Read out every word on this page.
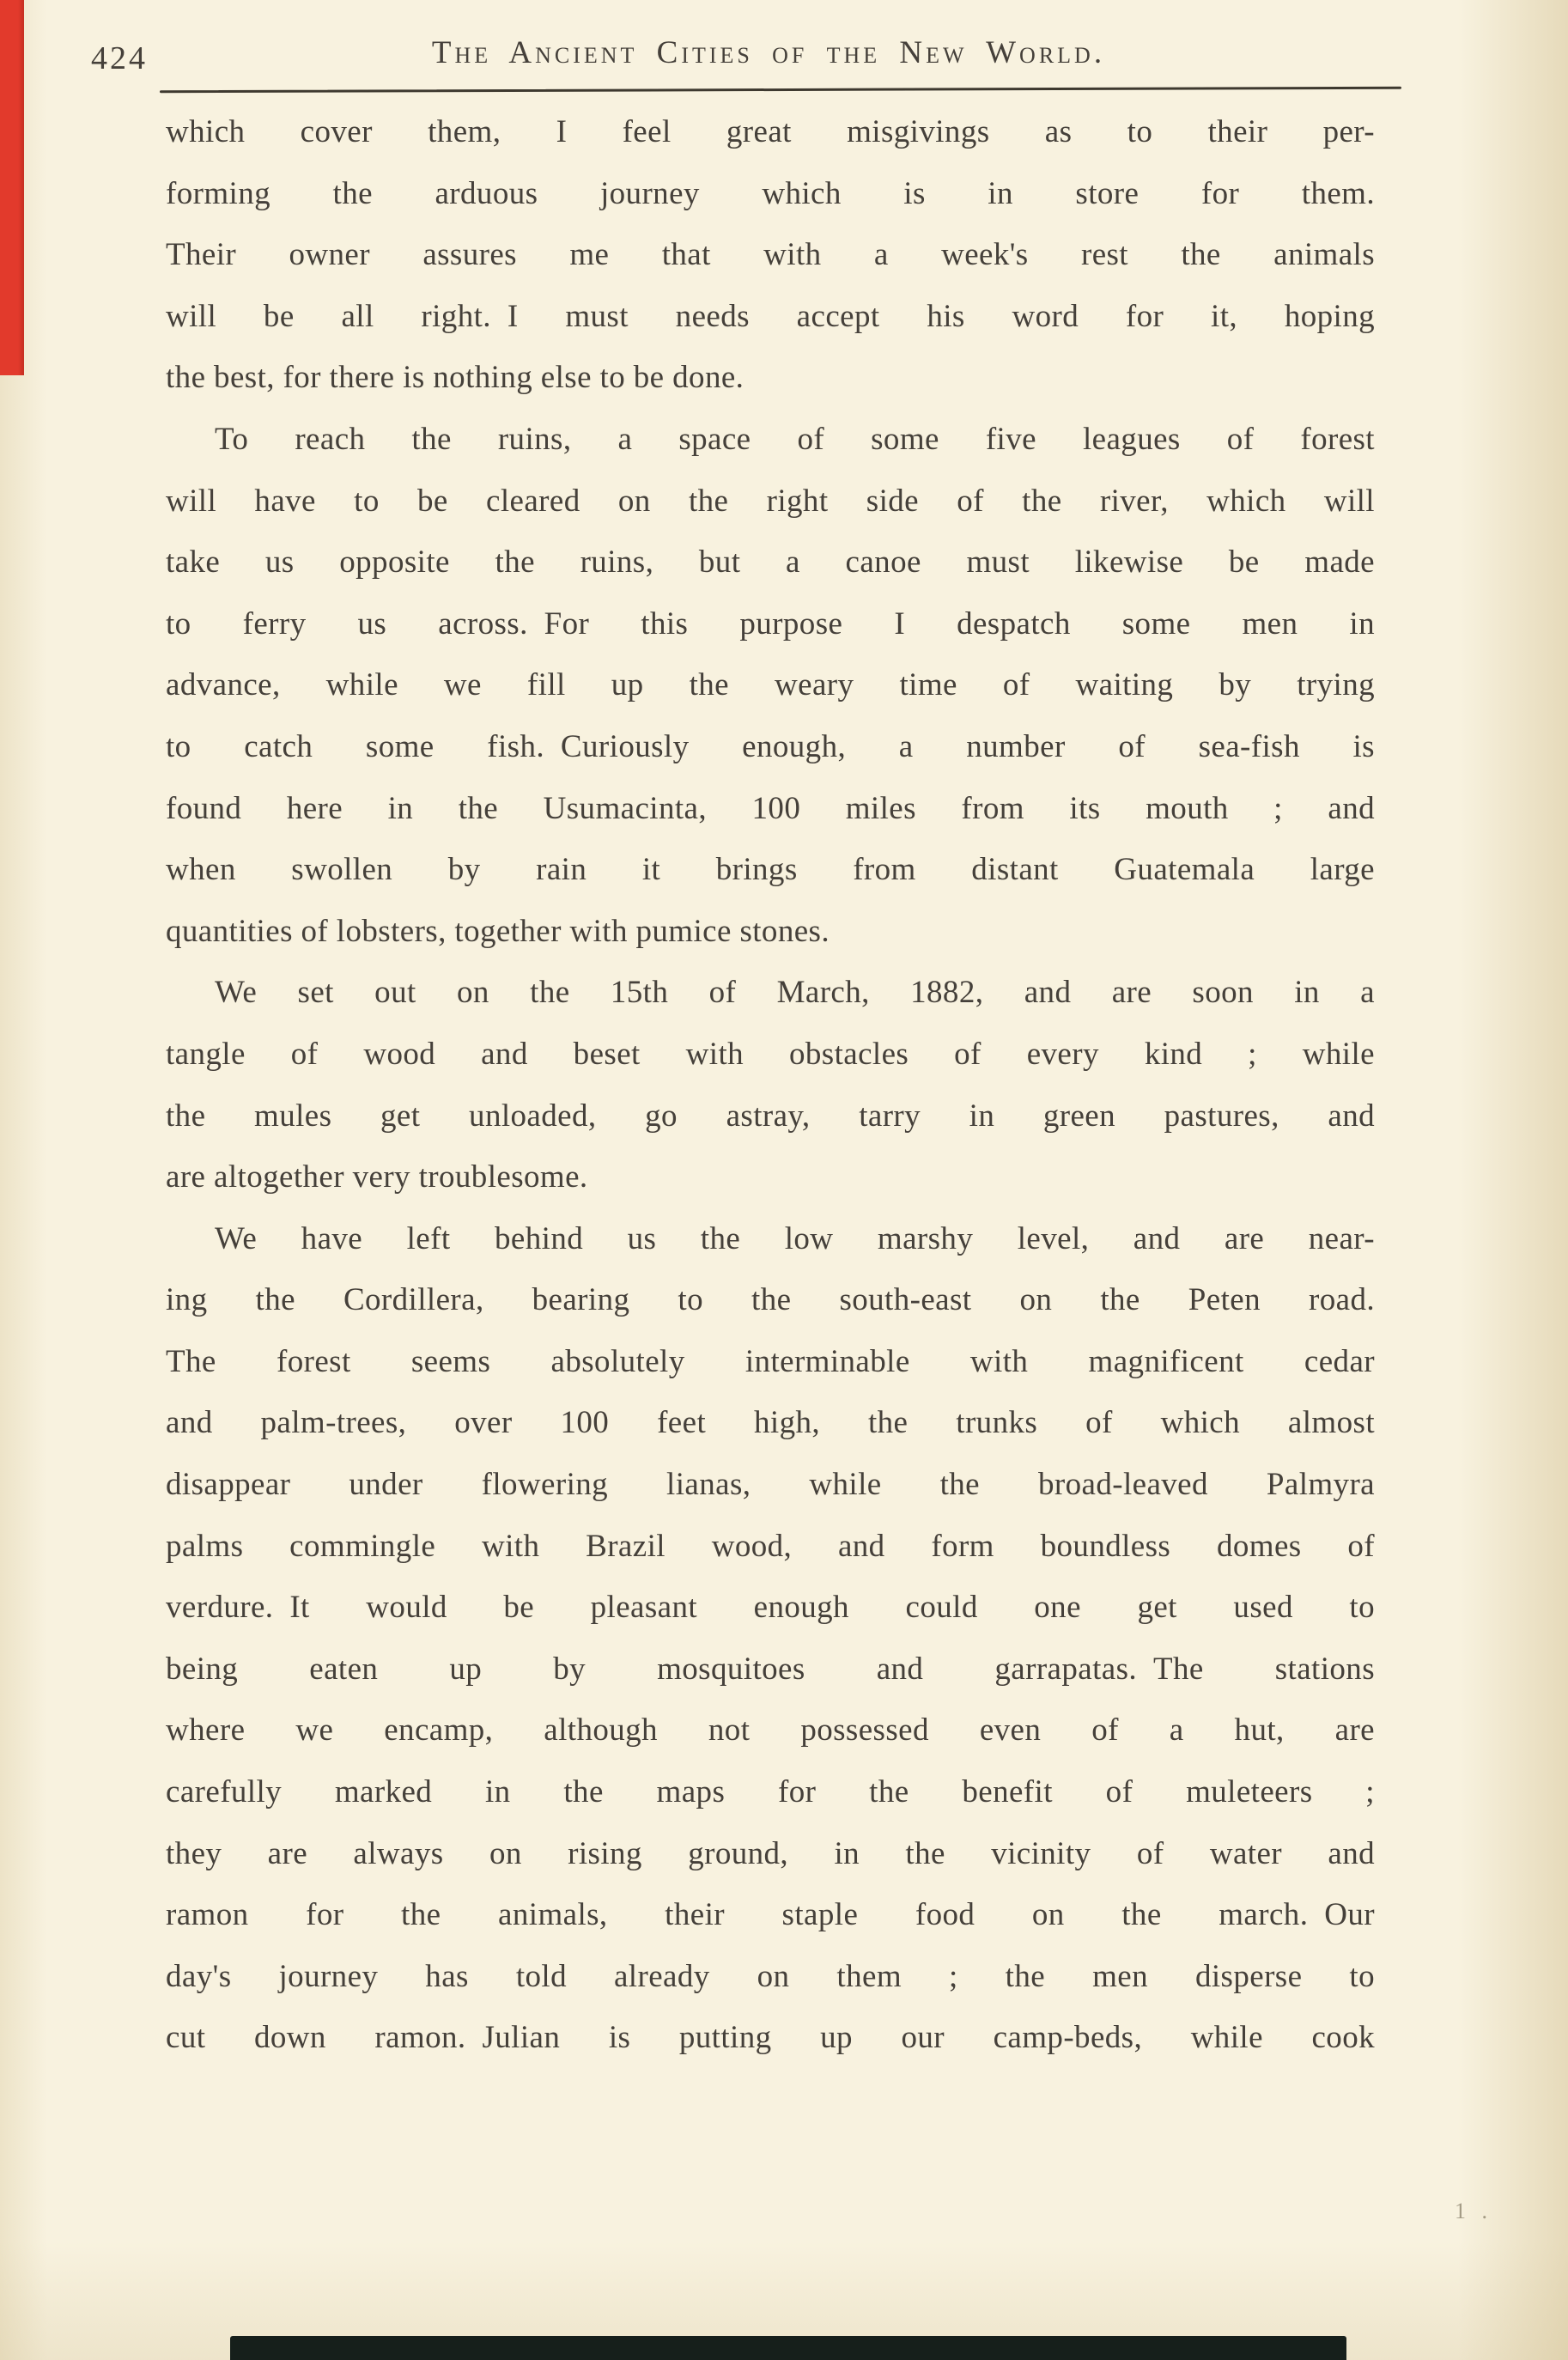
424	The Ancient Cities of the New World.
which cover them, I feel great misgivings as to their per-
forming the arduous journey which is in store for them.
Their owner assures me that with a week's rest the animals
will be all right. I must needs accept his word for it, hoping
the best, for there is nothing else to be done.
To reach the ruins, a space of some five leagues of forest
will have to be cleared on the right side of the river, which will
take us opposite the ruins, but a canoe must likewise be made
to ferry us across. For this purpose I despatch some men in
advance, while we fill up the weary time of waiting by trying
to catch some fish. Curiously enough, a number of sea-fish is
found here in the Usumacinta, 100 miles from its mouth ; and
when swollen by rain it brings from distant Guatemala large
quantities of lobsters, together with pumice stones.
We set out on the 15th of March, 1882, and are soon in a
tangle of wood and beset with obstacles of every kind ; while
the mules get unloaded, go astray, tarry in green pastures, and
are altogether very troublesome.
We have left behind us the low marshy level, and are near-
ing the Cordillera, bearing to the south-east on the Peten road.
The forest seems absolutely interminable with magnificent cedar
and palm-trees, over 100 feet high, the trunks of which almost
disappear under flowering lianas, while the broad-leaved Palmyra
palms commingle with Brazil wood, and form boundless domes of
verdure. It would be pleasant enough could one get used to
being eaten up by mosquitoes and garrapatas. The stations
where we encamp, although not possessed even of a hut, are
carefully marked in the maps for the benefit of muleteers ;
they are always on rising ground, in the vicinity of water and
ramon for the animals, their staple food on the march. Our
day's journey has told already on them ; the men disperse to
cut down ramon. Julian is putting up our camp-beds, while cook
1 .
